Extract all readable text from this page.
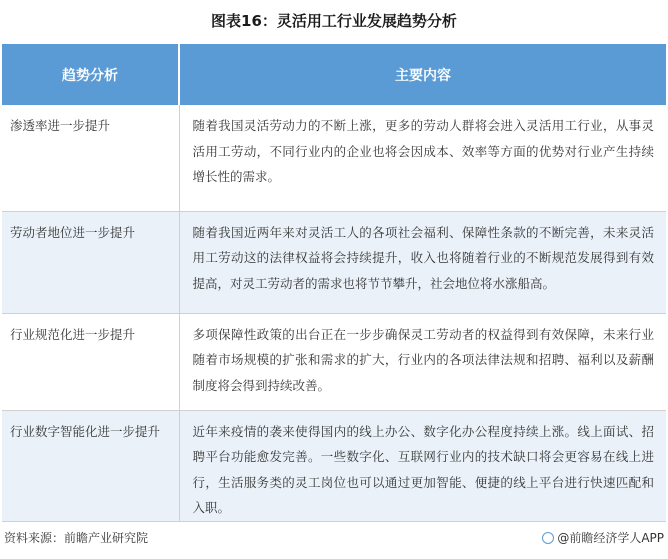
图表16：灵活用工行业发展趋势分析
趋势分析	主要内容
渗透率进一步提升	随着我国灵活劳动力的不断上涨，更多的劳动人群将会进入灵活用工行业，从事灵活用工劳动，不同行业内的企业也将会因成本、效率等方面的优势对行业产生持续增长性的需求。
劳动者地位进一步提升	随着我国近两年来对灵活工人的各项社会福利、保障性条款的不断完善，未来灵活用工劳动这的法律权益将会持续提升，收入也将随着行业的不断规范发展得到有效提高，对灵工劳动者的需求也将节节攀升，社会地位将水涨船高。
行业规范化进一步提升	多项保障性政策的出台正在一步步确保灵工劳动者的权益得到有效保障，未来行业随着市场规模的扩张和需求的扩大，行业内的各项法律法规和招聘、福利以及薪酬制度将会得到持续改善。
行业数字智能化进一步提升	近年来疫情的袭来使得国内的线上办公、数字化办公程度持续上涨。线上面试、招聘平台功能愈发完善。一些数字化、互联网行业内的技术缺口将会更容易在线上进行，生活服务类的灵工岗位也可以通过更加智能、便捷的线上平台进行快速匹配和入职。
资料来源：前瞻产业研究院	@前瞻经济学人APP
